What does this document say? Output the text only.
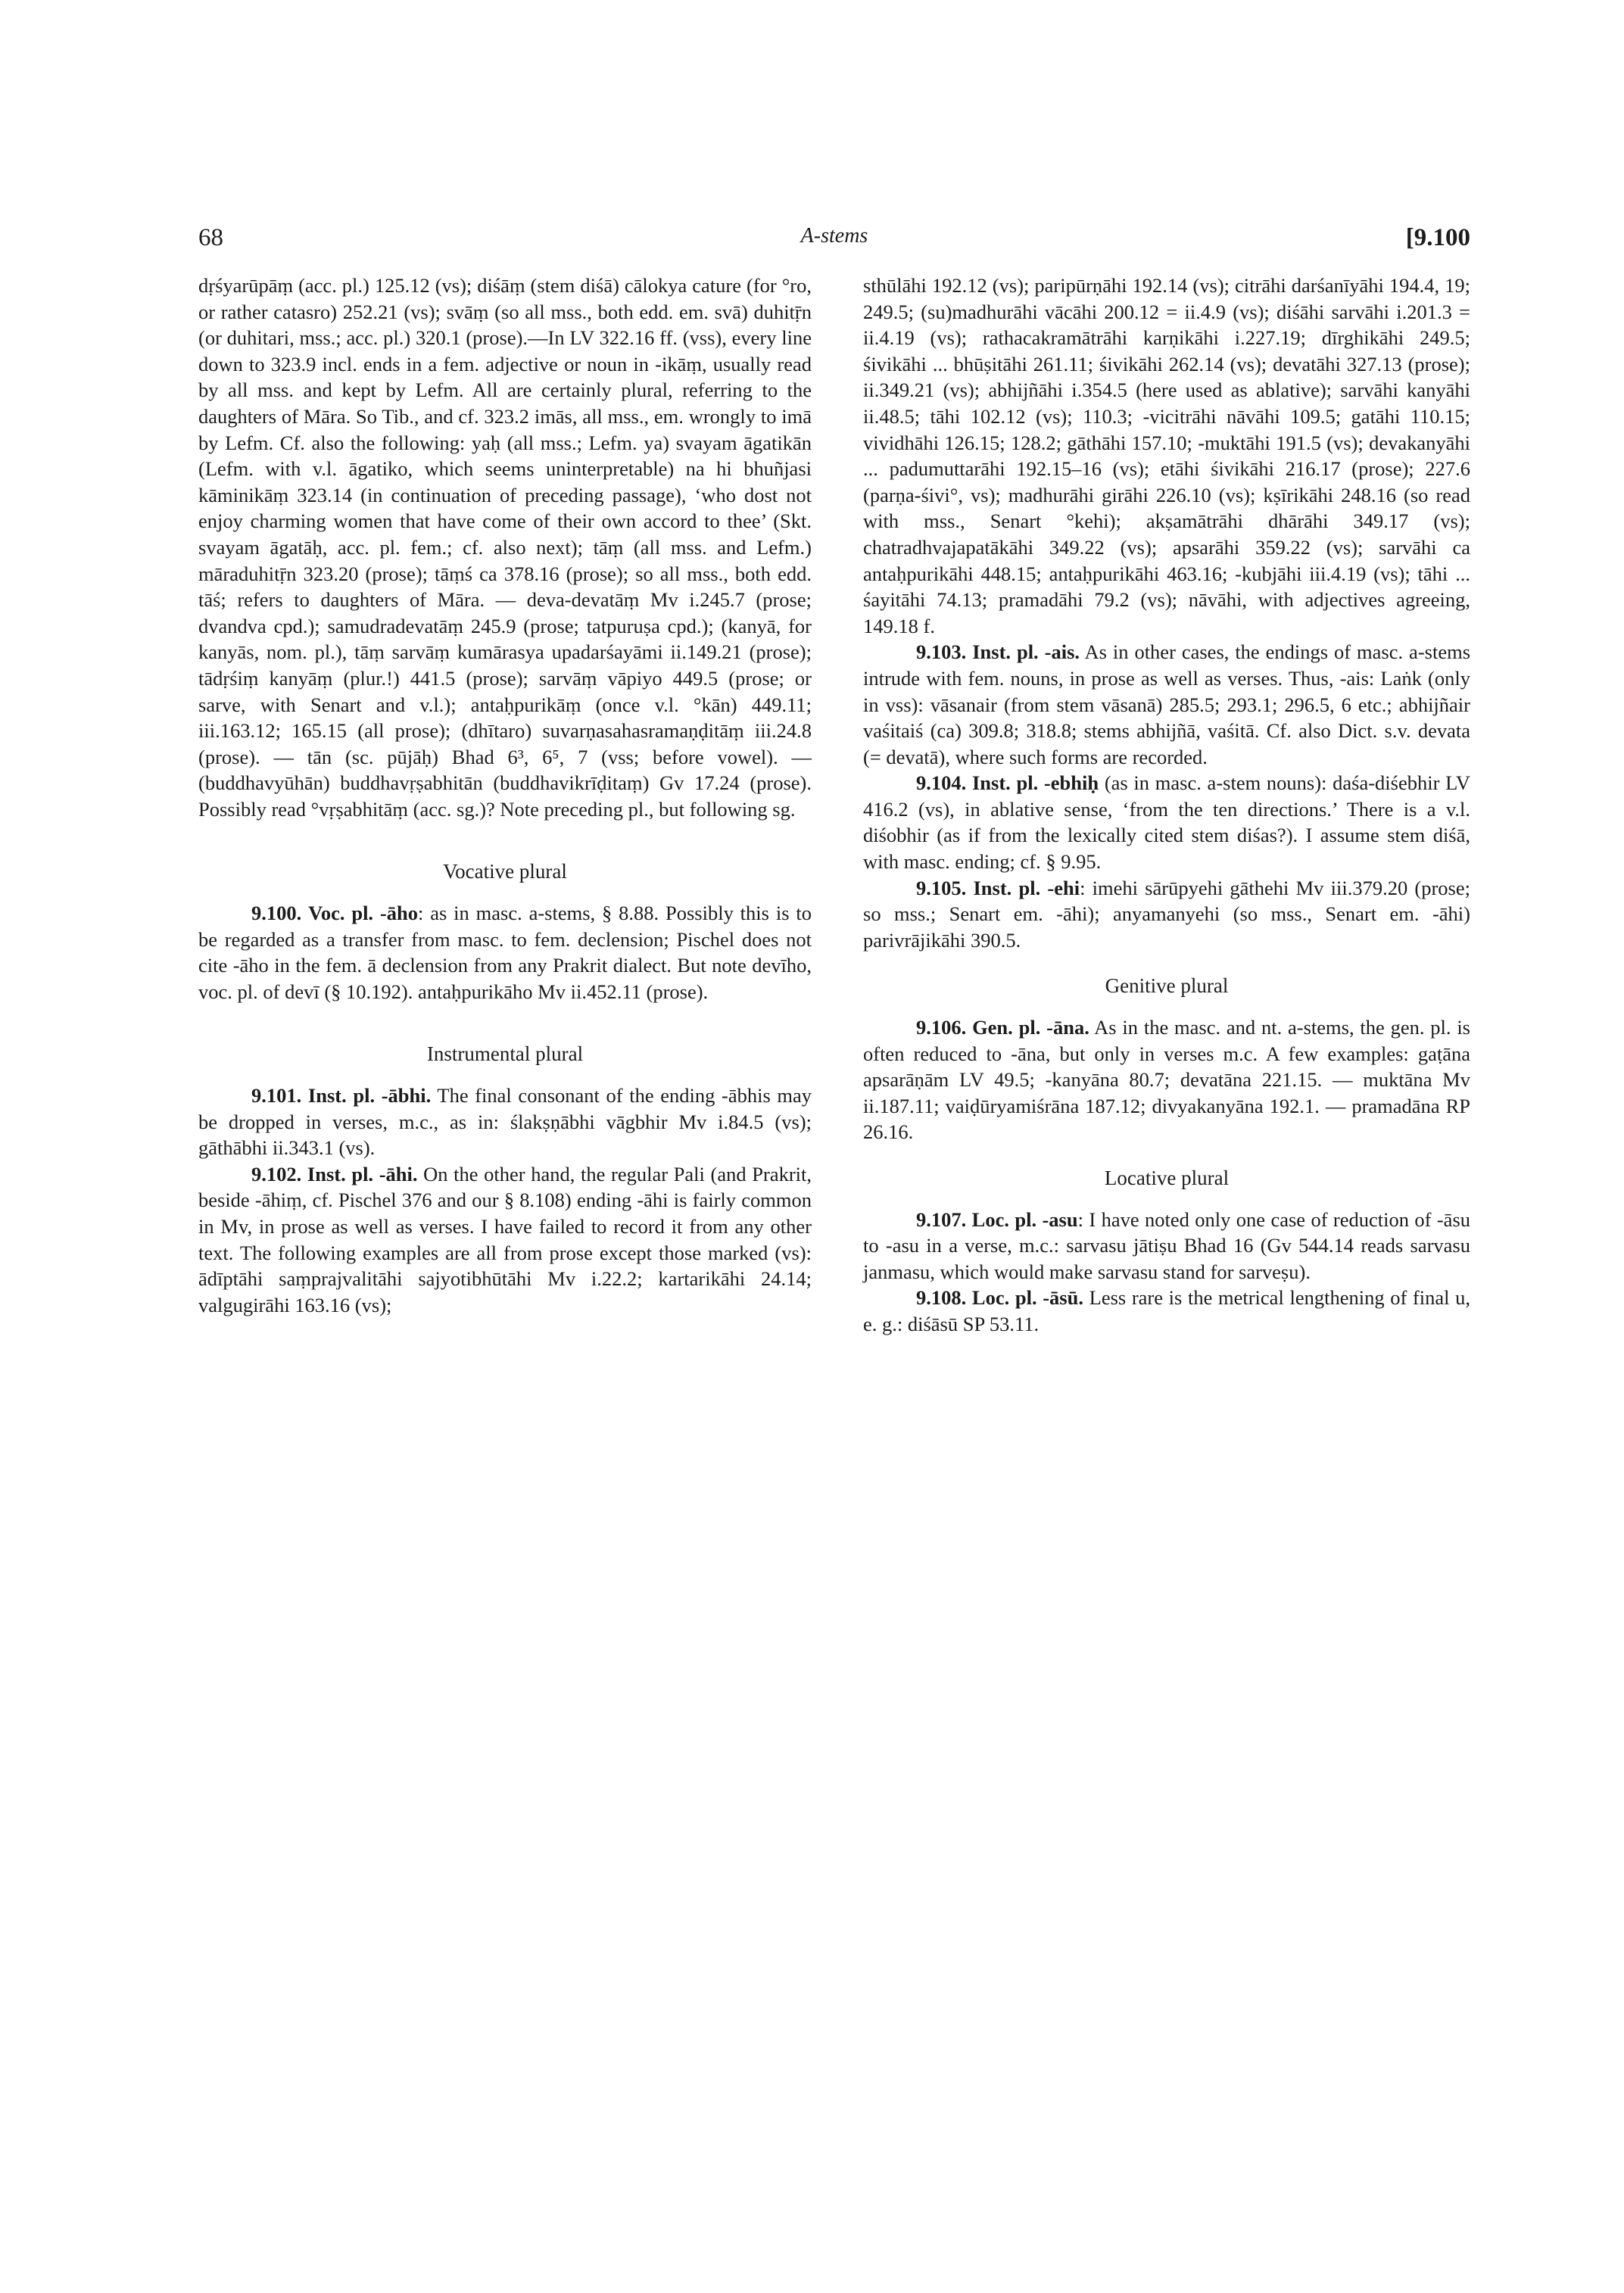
68	A-stems	[9.100

dṛśyarūpāṃ (acc. pl.) 125.12 (vs); diśāṃ (stem diśā) cālokya cature (for °ro, or rather catasro) 252.21 (vs); svāṃ (so all mss., both edd. em. svā) duhitṝn (or duhitari, mss.; acc. pl.) 320.1 (prose).—In LV 322.16 ff. (vss), every line down to 323.9 incl. ends in a fem. adjective or noun in -ikāṃ, usually read by all mss. and kept by Lefm. All are certainly plural, referring to the daughters of Māra. So Tib., and cf. 323.2 imās, all mss., em. wrongly to imā by Lefm. Cf. also the following: yaḥ (all mss.; Lefm. ya) svayam āgatikān (Lefm. with v.l. āgatiko, which seems uninterpretable) na hi bhuñjasi kāminikāṃ 323.14 (in continuation of preceding passage), ‘who dost not enjoy charming women that have come of their own accord to thee’ (Skt. svayam āgatāḥ, acc. pl. fem.; cf. also next); tāṃ (all mss. and Lefm.) māraduhitṝn 323.20 (prose); tāṃś ca 378.16 (prose); so all mss., both edd. tāś; refers to daughters of Māra. — deva-devatāṃ Mv i.245.7 (prose; dvandva cpd.); samudradevatāṃ 245.9 (prose; tatpuruṣa cpd.); (kanyā, for kanyās, nom. pl.), tāṃ sarvāṃ kumārasya upadarśayāmi ii.149.21 (prose); tādṛśiṃ kanyāṃ (plur.!) 441.5 (prose); sarvāṃ vāpiyo 449.5 (prose; or sarve, with Senart and v.l.); antaḥpurikāṃ (once v.l. °kān) 449.11; iii.163.12; 165.15 (all prose); (dhītaro) suvarṇasahasramaṇḍitāṃ iii.24.8 (prose). — tān (sc. pūjāḥ) Bhad 6³, 6⁵, 7 (vss; before vowel). — (buddhavyūhān) buddhavṛṣabhitān (buddhavikrīḍitaṃ) Gv 17.24 (prose). Possibly read °vṛṣabhitāṃ (acc. sg.)? Note preceding pl., but following sg.

Vocative plural

9.100. Voc. pl. -āho: as in masc. a-stems, § 8.88. Possibly this is to be regarded as a transfer from masc. to fem. declension; Pischel does not cite -āho in the fem. ā declension from any Prakrit dialect. But note devīho, voc. pl. of devī (§ 10.192). antaḥpurikāho Mv ii.452.11 (prose).

Instrumental plural

9.101. Inst. pl. -ābhi. The final consonant of the ending -ābhis may be dropped in verses, m.c., as in: ślakṣṇābhi vāgbhir Mv i.84.5 (vs); gāthābhi ii.343.1 (vs).

9.102. Inst. pl. -āhi. On the other hand, the regular Pali (and Prakrit, beside -āhiṃ, cf. Pischel 376 and our § 8.108) ending -āhi is fairly common in Mv, in prose as well as verses. I have failed to record it from any other text. The following examples are all from prose except those marked (vs): ādīptāhi saṃprajvalitāhi sajyotibhūtāhi Mv i.22.2; kartarikāhi 24.14; valgugirāhi 163.16 (vs);

sthūlāhi 192.12 (vs); paripūrṇāhi 192.14 (vs); citrāhi darśanīyāhi 194.4, 19; 249.5; (su)madhurāhi vācāhi 200.12 = ii.4.9 (vs); diśāhi sarvāhi i.201.3 = ii.4.19 (vs); rathacakramātrāhi karṇikāhi i.227.19; dīrghikāhi 249.5; śivikāhi ... bhūṣitāhi 261.11; śivikāhi 262.14 (vs); devatāhi 327.13 (prose); ii.349.21 (vs); abhijñāhi i.354.5 (here used as ablative); sarvāhi kanyāhi ii.48.5; tāhi 102.12 (vs); 110.3; -vicitrāhi nāvāhi 109.5; gatāhi 110.15; vividhāhi 126.15; 128.2; gāthāhi 157.10; -muktāhi 191.5 (vs); devakanyāhi ... padumuttarāhi 192.15–16 (vs); etāhi śivikāhi 216.17 (prose); 227.6 (parṇa-śivi°, vs); madhurāhi girāhi 226.10 (vs); kṣīrikāhi 248.16 (so read with mss., Senart °kehi); akṣamātrāhi dhārāhi 349.17 (vs); chatradhvajapatākāhi 349.22 (vs); apsarāhi 359.22 (vs); sarvāhi ca antaḥpurikāhi 448.15; antaḥpurikāhi 463.16; -kubjāhi iii.4.19 (vs); tāhi ... śayitāhi 74.13; pramadāhi 79.2 (vs); nāvāhi, with adjectives agreeing, 149.18 f.

9.103. Inst. pl. -ais. As in other cases, the endings of masc. a-stems intrude with fem. nouns, in prose as well as verses. Thus, -ais: Laṅk (only in vss): vāsanair (from stem vāsanā) 285.5; 293.1; 296.5, 6 etc.; abhijñair vaśitaiś (ca) 309.8; 318.8; stems abhijñā, vaśitā. Cf. also Dict. s.v. devata (= devatā), where such forms are recorded.

9.104. Inst. pl. -ebhiḥ (as in masc. a-stem nouns): daśa-diśebhir LV 416.2 (vs), in ablative sense, ‘from the ten directions.’ There is a v.l. diśobhir (as if from the lexically cited stem diśas?). I assume stem diśā, with masc. ending; cf. § 9.95.

9.105. Inst. pl. -ehi: imehi sārūpyehi gāthehi Mv iii.379.20 (prose; so mss.; Senart em. -āhi); anyamanyehi (so mss., Senart em. -āhi) parivrājikāhi 390.5.

Genitive plural

9.106. Gen. pl. -āna. As in the masc. and nt. a-stems, the gen. pl. is often reduced to -āna, but only in verses m.c. A few examples: gaṭāna apsarāṇām LV 49.5; -kanyāna 80.7; devatāna 221.15. — muktāna Mv ii.187.11; vaiḍūryamiśrāna 187.12; divyakanyāna 192.1. — pramadāna RP 26.16.

Locative plural

9.107. Loc. pl. -asu: I have noted only one case of reduction of -āsu to -asu in a verse, m.c.: sarvasu jātiṣu Bhad 16 (Gv 544.14 reads sarvasu janmasu, which would make sarvasu stand for sarveṣu).

9.108. Loc. pl. -āsū. Less rare is the metrical lengthening of final u, e. g.: diśāsū SP 53.11.
